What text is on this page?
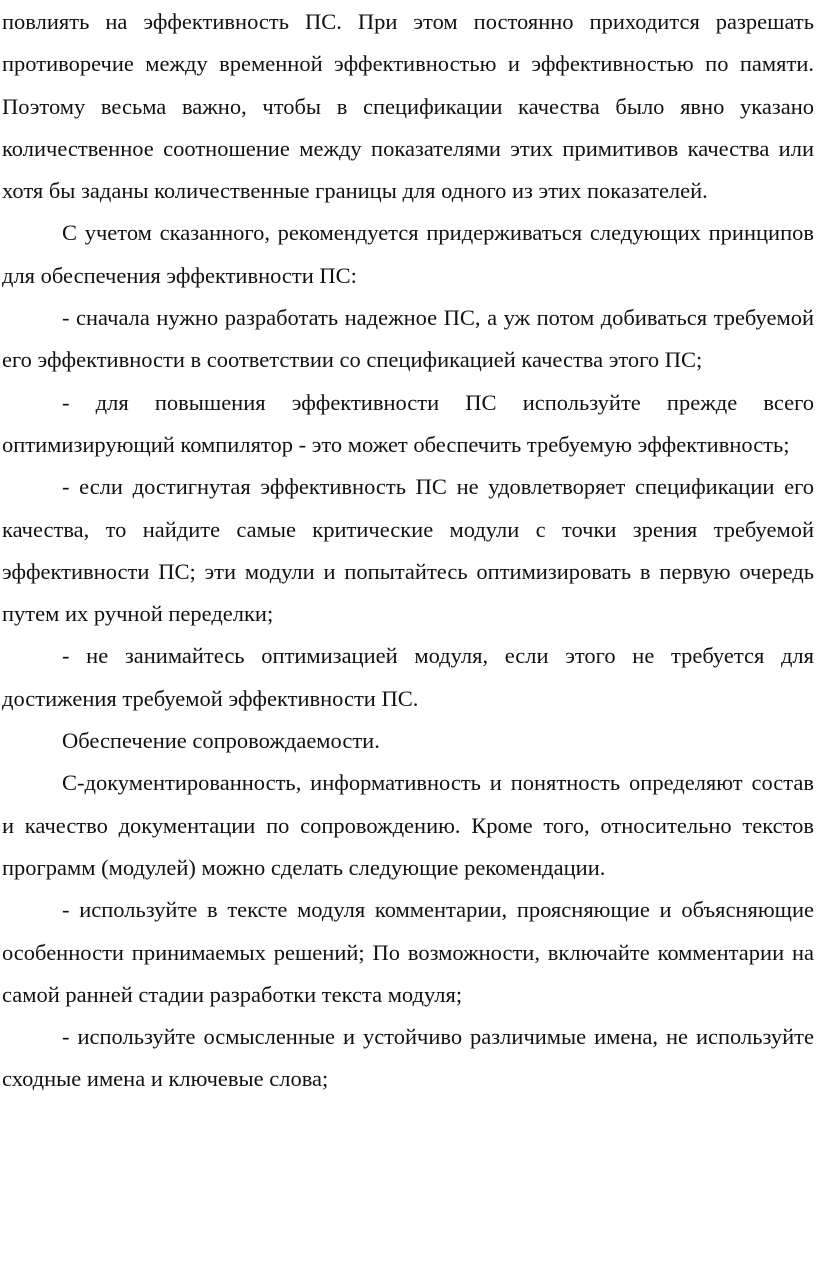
повлиять на эффективность ПС. При этом постоянно приходится разрешать противоречие между временной эффективностью и эффективностью по памяти. Поэтому весьма важно, чтобы в спецификации качества было явно указано количественное соотношение между показателями этих примитивов качества или хотя бы заданы количественные границы для одного из этих показателей.

С учетом сказанного, рекомендуется придерживаться следующих принципов для обеспечения эффективности ПС:

- сначала нужно разработать надежное ПС, а уж потом добиваться требуемой его эффективности в соответствии со спецификацией качества этого ПС;

- для повышения эффективности ПС используйте прежде всего оптимизирующий компилятор - это может обеспечить требуемую эффективность;

- если достигнутая эффективность ПС не удовлетворяет спецификации его качества, то найдите самые критические модули с точки зрения требуемой эффективности ПС; эти модули и попытайтесь оптимизировать в первую очередь путем их ручной переделки;

- не занимайтесь оптимизацией модуля, если этого не требуется для достижения требуемой эффективности ПС.

Обеспечение сопровождаемости.

С-документированность, информативность и понятность определяют состав и качество документации по сопровождению. Кроме того, относительно текстов программ (модулей) можно сделать следующие рекомендации.

- используйте в тексте модуля комментарии, проясняющие и объясняющие особенности принимаемых решений; По возможности, включайте комментарии на самой ранней стадии разработки текста модуля;

- используйте осмысленные и устойчиво различимые имена, не используйте сходные имена и ключевые слова;
